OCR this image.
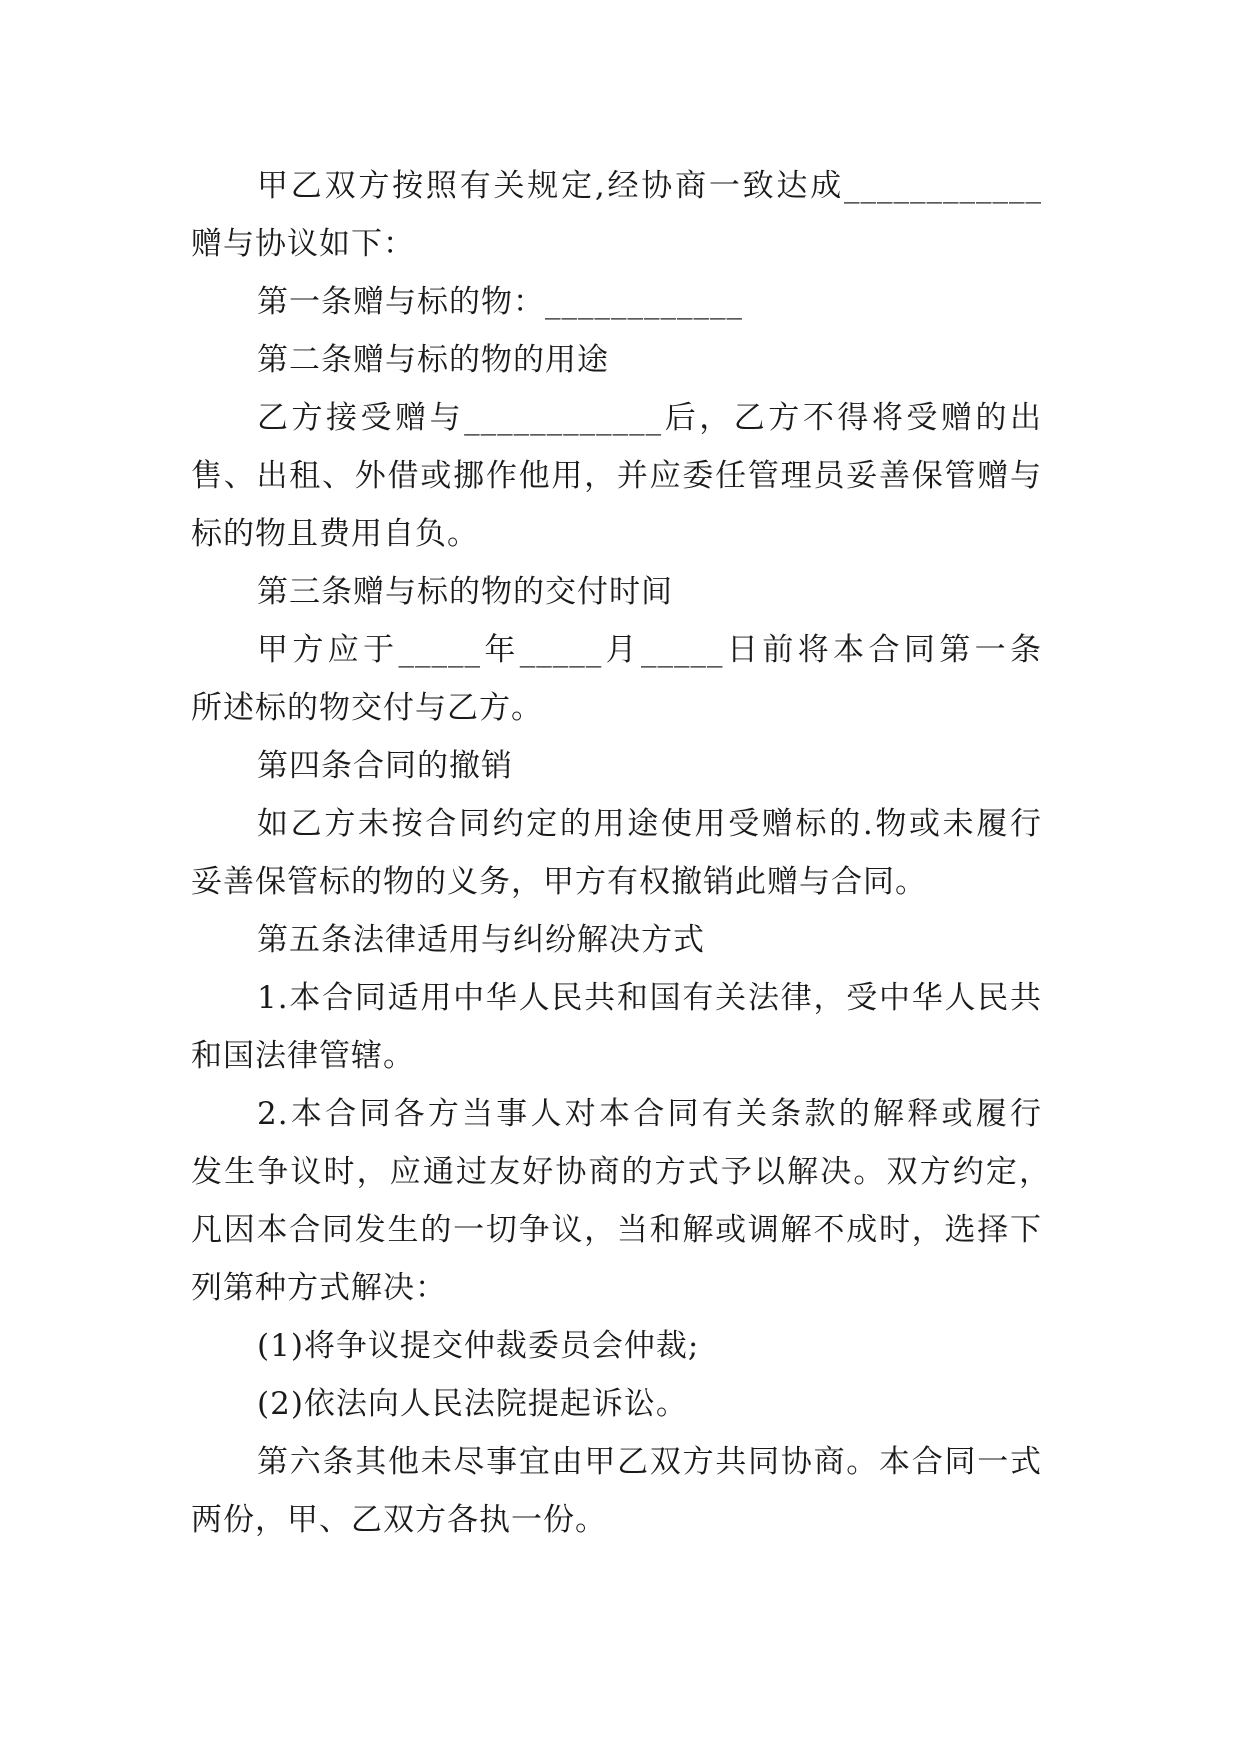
甲乙双方按照有关规定,经协商一致达成____________
赠与协议如下：
第一条赠与标的物：____________
第二条赠与标的物的用途
乙方接受赠与____________后，乙方不得将受赠的出
售、出租、外借或挪作他用，并应委任管理员妥善保管赠与
标的物且费用自负。
第三条赠与标的物的交付时间
甲方应于_____年_____月_____日前将本合同第一条
所述标的物交付与乙方。
第四条合同的撤销
如乙方未按合同约定的用途使用受赠标的.物或未履行
妥善保管标的物的义务，甲方有权撤销此赠与合同。
第五条法律适用与纠纷解决方式
1.本合同适用中华人民共和国有关法律，受中华人民共
和国法律管辖。
2.本合同各方当事人对本合同有关条款的解释或履行
发生争议时，应通过友好协商的方式予以解决。双方约定，
凡因本合同发生的一切争议，当和解或调解不成时，选择下
列第种方式解决：
(1)将争议提交仲裁委员会仲裁;
(2)依法向人民法院提起诉讼。
第六条其他未尽事宜由甲乙双方共同协商。本合同一式
两份，甲、乙双方各执一份。
